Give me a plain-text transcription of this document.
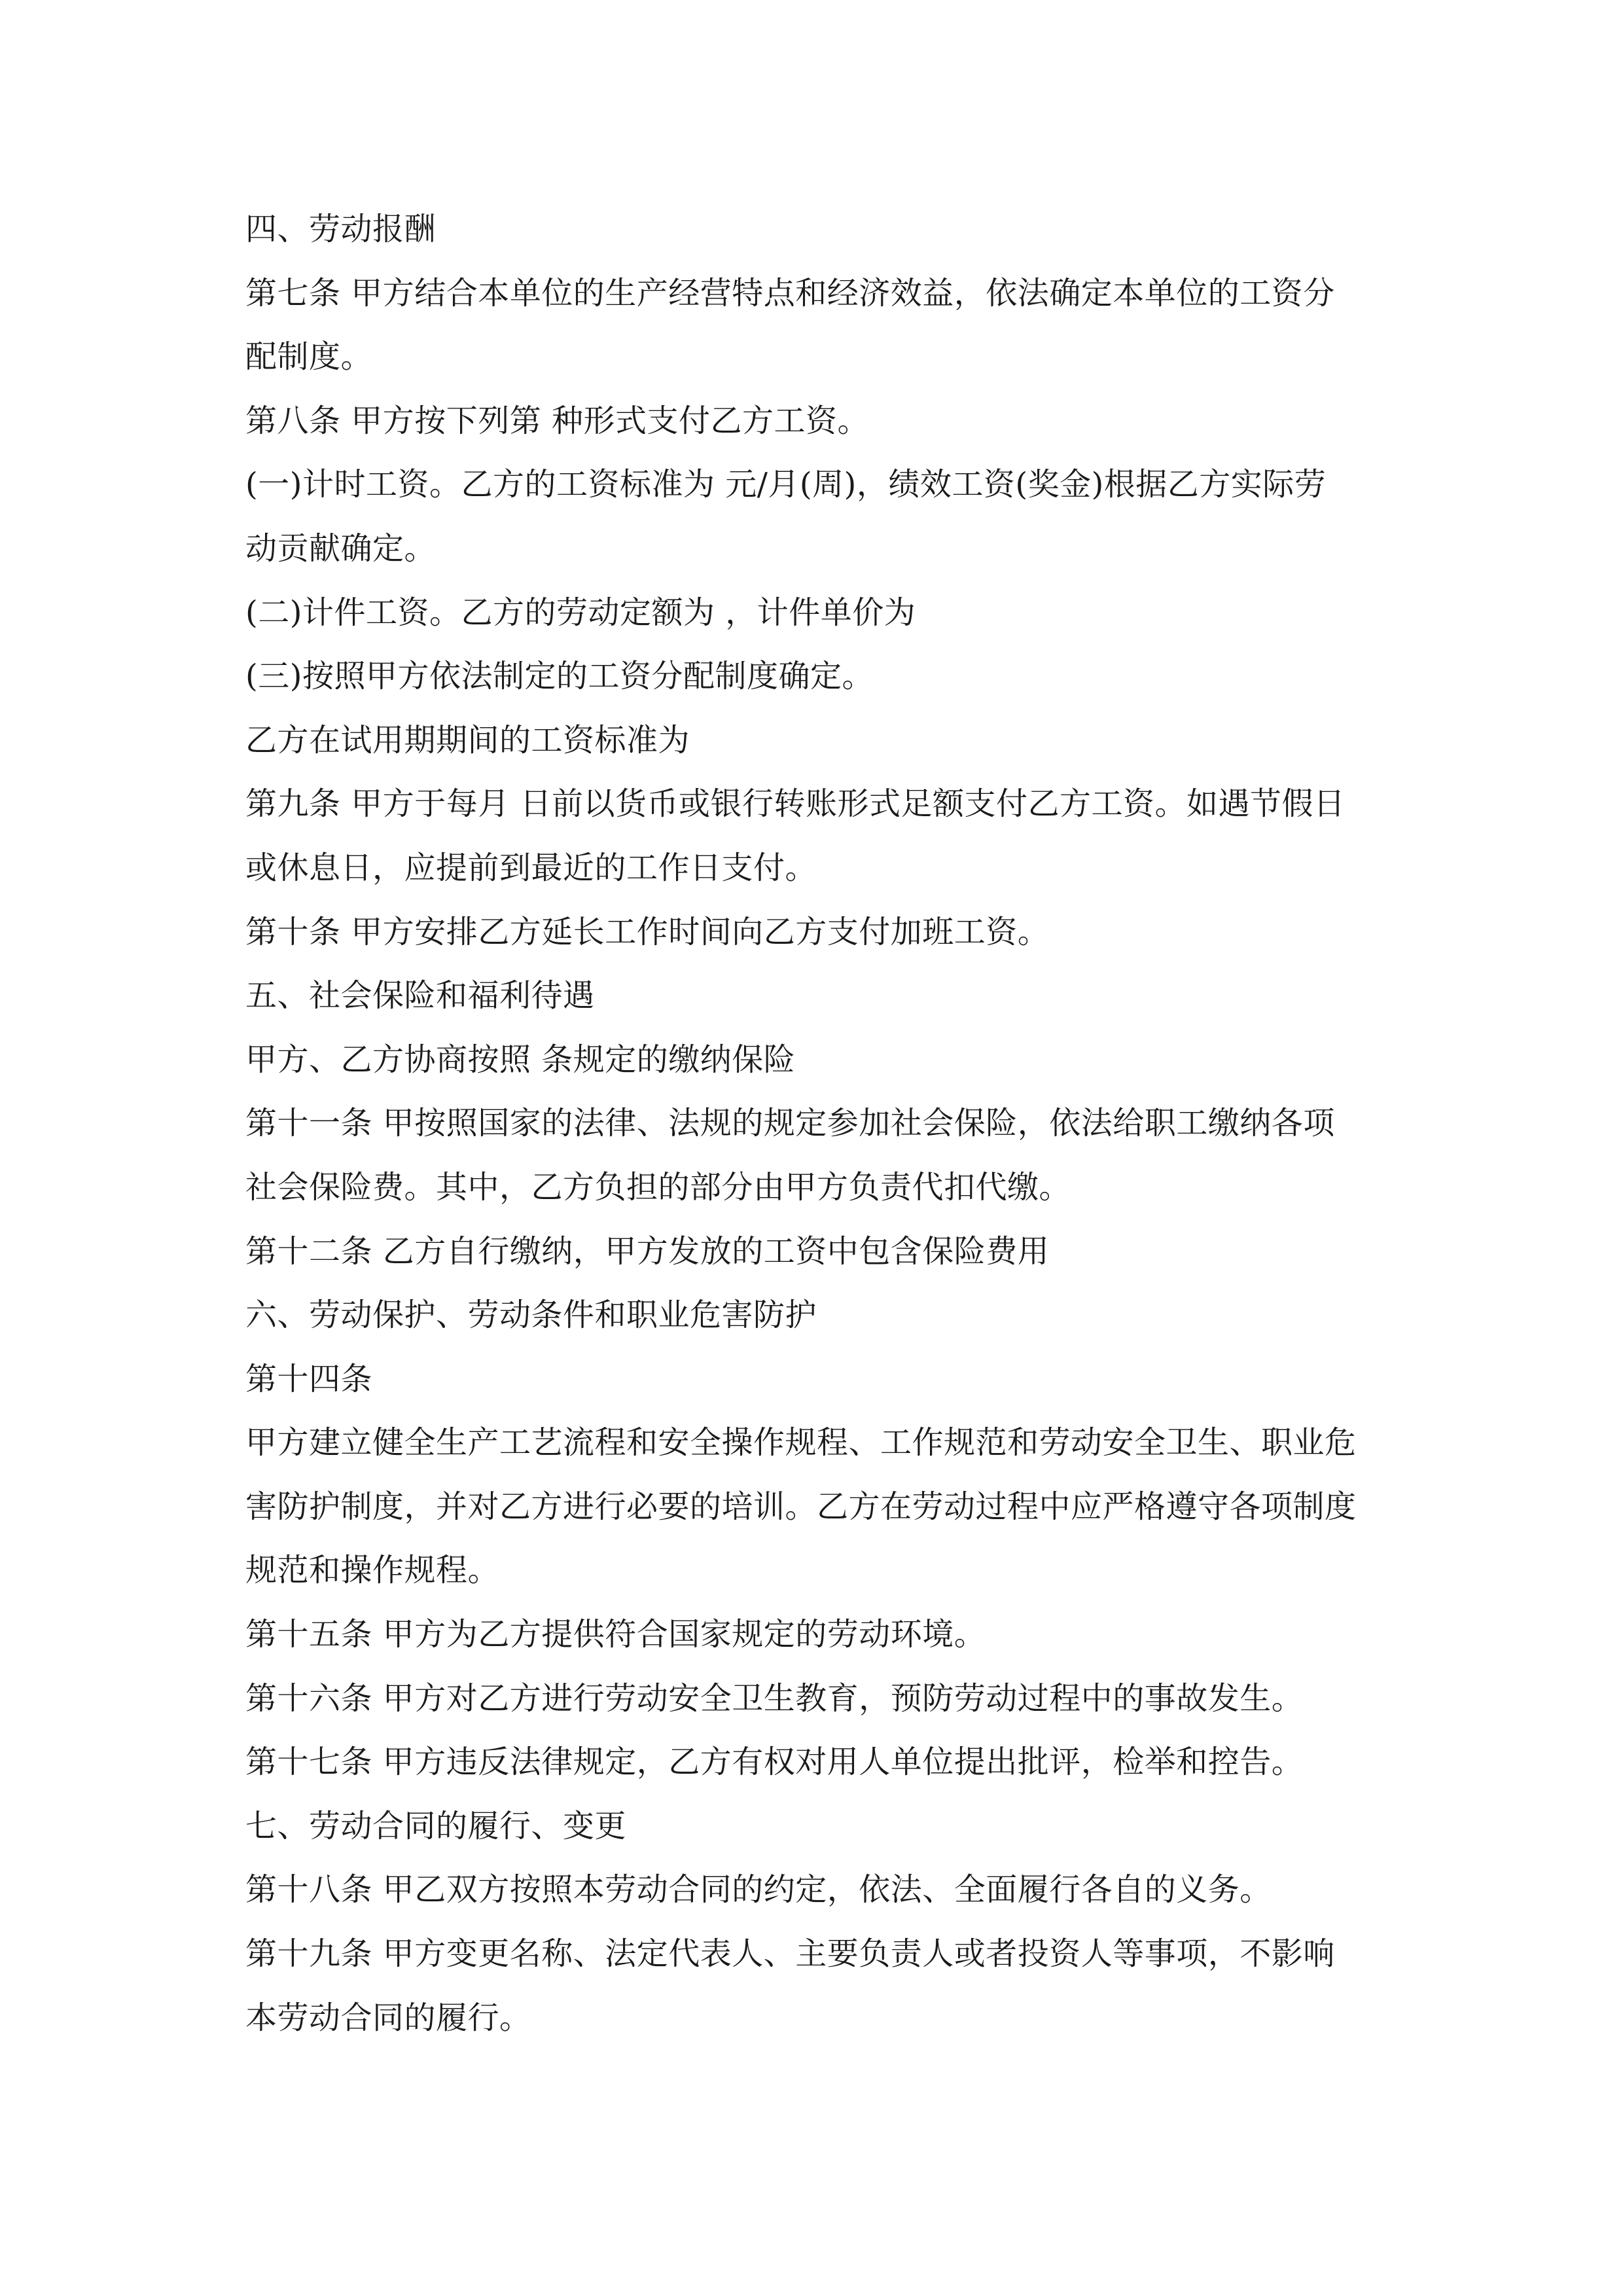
四、劳动报酬
第七条 甲方结合本单位的生产经营特点和经济效益，依法确定本单位的工资分
配制度。
第八条 甲方按下列第 种形式支付乙方工资。
(一)计时工资。乙方的工资标准为 元/月(周)，绩效工资(奖金)根据乙方实际劳
动贡献确定。
(二)计件工资。乙方的劳动定额为 ，计件单价为
(三)按照甲方依法制定的工资分配制度确定。
乙方在试用期期间的工资标准为
第九条 甲方于每月 日前以货币或银行转账形式足额支付乙方工资。如遇节假日
或休息日，应提前到最近的工作日支付。
第十条 甲方安排乙方延长工作时间向乙方支付加班工资。
五、社会保险和福利待遇
甲方、乙方协商按照 条规定的缴纳保险
第十一条 甲按照国家的法律、法规的规定参加社会保险，依法给职工缴纳各项
社会保险费。其中，乙方负担的部分由甲方负责代扣代缴。
第十二条 乙方自行缴纳，甲方发放的工资中包含保险费用
六、劳动保护、劳动条件和职业危害防护
第十四条
甲方建立健全生产工艺流程和安全操作规程、工作规范和劳动安全卫生、职业危
害防护制度，并对乙方进行必要的培训。乙方在劳动过程中应严格遵守各项制度
规范和操作规程。
第十五条 甲方为乙方提供符合国家规定的劳动环境。
第十六条 甲方对乙方进行劳动安全卫生教育，预防劳动过程中的事故发生。
第十七条 甲方违反法律规定，乙方有权对用人单位提出批评，检举和控告。
七、劳动合同的履行、变更
第十八条 甲乙双方按照本劳动合同的约定，依法、全面履行各自的义务。
第十九条 甲方变更名称、法定代表人、主要负责人或者投资人等事项，不影响
本劳动合同的履行。
